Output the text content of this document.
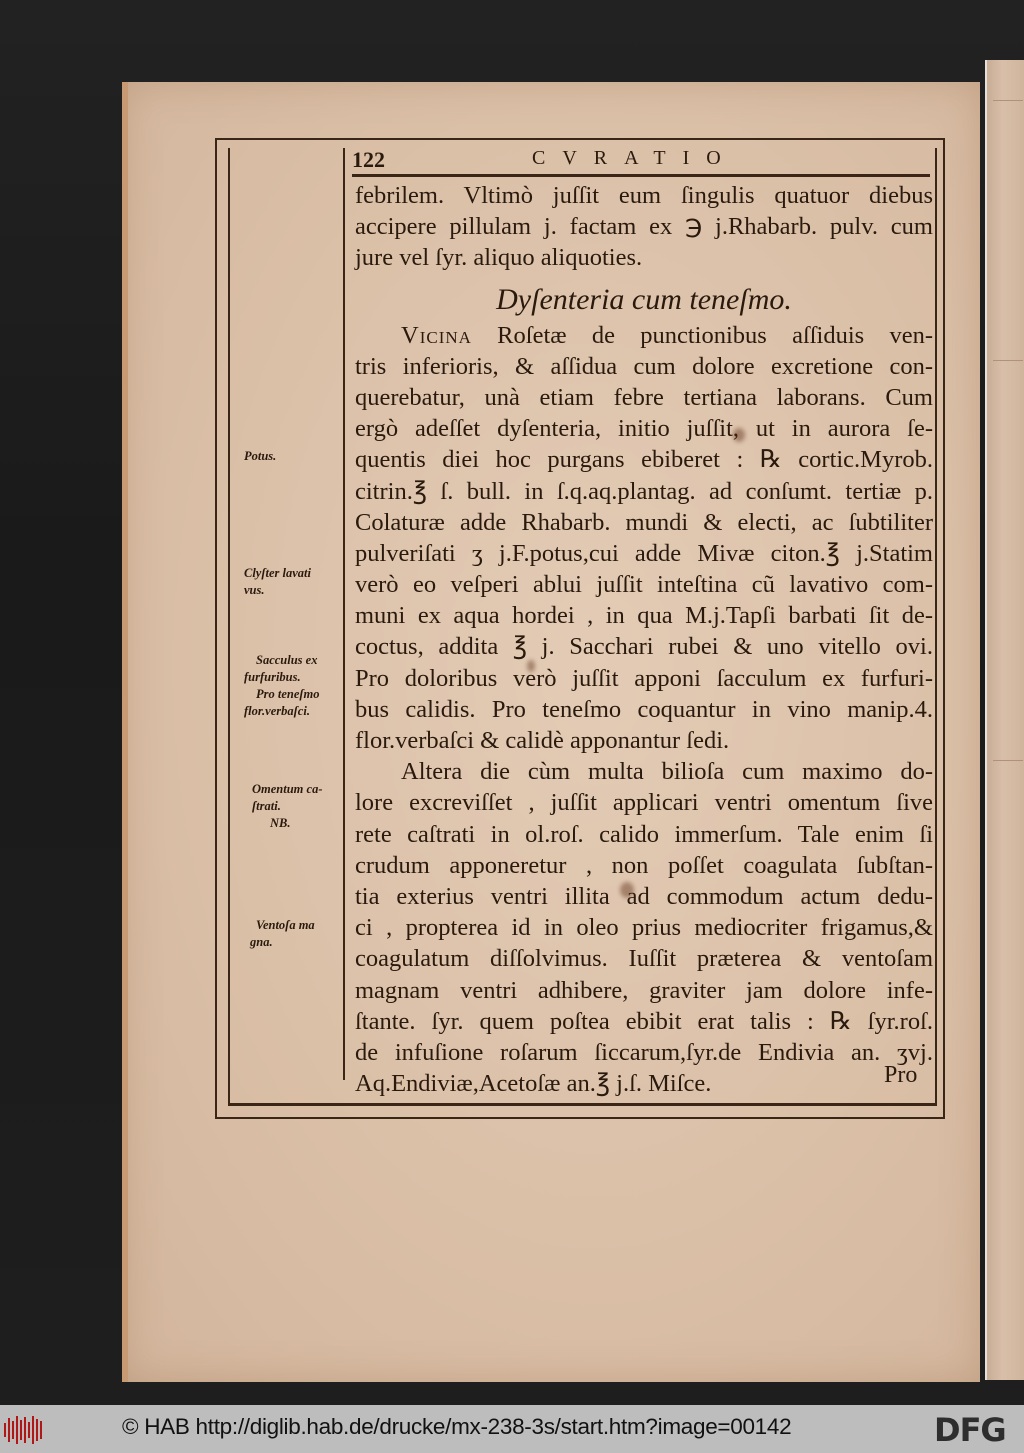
122	CVRATIO
febrilem. Vltimò juſſit eum ſingulis quatuor diebus
accipere pillulam j. factam ex ℈ j.Rhabarb. pulv. cum
jure vel ſyr. aliquo aliquoties.
Dyſenteria cum teneſmo.
Vicina Roſetæ de punctionibus aſſiduis ven-
tris inferioris, & aſſidua cum dolore excretione con-
querebatur, unà etiam febre tertiana laborans. Cum
ergò adeſſet dyſenteria, initio juſſit, ut in aurora ſe-
quentis diei hoc purgans ebiberet : ℞ cortic.Myrob.
citrin.℥ ſ. bull. in ſ.q.aq.plantag. ad conſumt. tertiæ p.
Colaturæ adde Rhabarb. mundi & electi, ac ſubtiliter
pulveriſati ʒ j.F.potus,cui adde Mivæ citon.℥ j.Statim
verò eo veſperi ablui juſſit inteſtina cũ lavativo com-
muni ex aqua hordei , in qua M.j.Tapſi barbati ſit de-
coctus, addita ℥ j. Sacchari rubei & uno vitello ovi.
Pro doloribus verò juſſit apponi ſacculum ex furfuri-
bus calidis. Pro teneſmo coquantur in vino manip.4.
flor.verbaſci & calidè apponantur ſedi.
Altera die cùm multa bilioſa cum maximo do-
lore excreviſſet , juſſit applicari ventri omentum ſive
rete caſtrati in ol.roſ. calido immerſum. Tale enim ſi
crudum apponeretur , non poſſet coagulata ſubſtan-
tia exterius ventri illita ad commodum actum dedu-
ci , propterea id in oleo prius mediocriter frigamus,&
coagulatum diſſolvimus. Iuſſit præterea & ventoſam
magnam ventri adhibere, graviter jam dolore infe-
ſtante. ſyr. quem poſtea ebibit erat talis : ℞ ſyr.roſ.
de infuſione roſarum ſiccarum,ſyr.de Endivia an. ʒvj.
Aq.Endiviæ,Acetoſæ an.℥ j.ſ. Miſce.	Pro
Potus.
Clyſter lavati
vus.
Sacculus ex
furfuribus.
Pro teneſmo
flor.verbaſci.
Omentum ca-
ſtrati.
NB.
Ventoſa ma
gna.
© HAB http://diglib.hab.de/drucke/mx-238-3s/start.htm?image=00142	DFG
